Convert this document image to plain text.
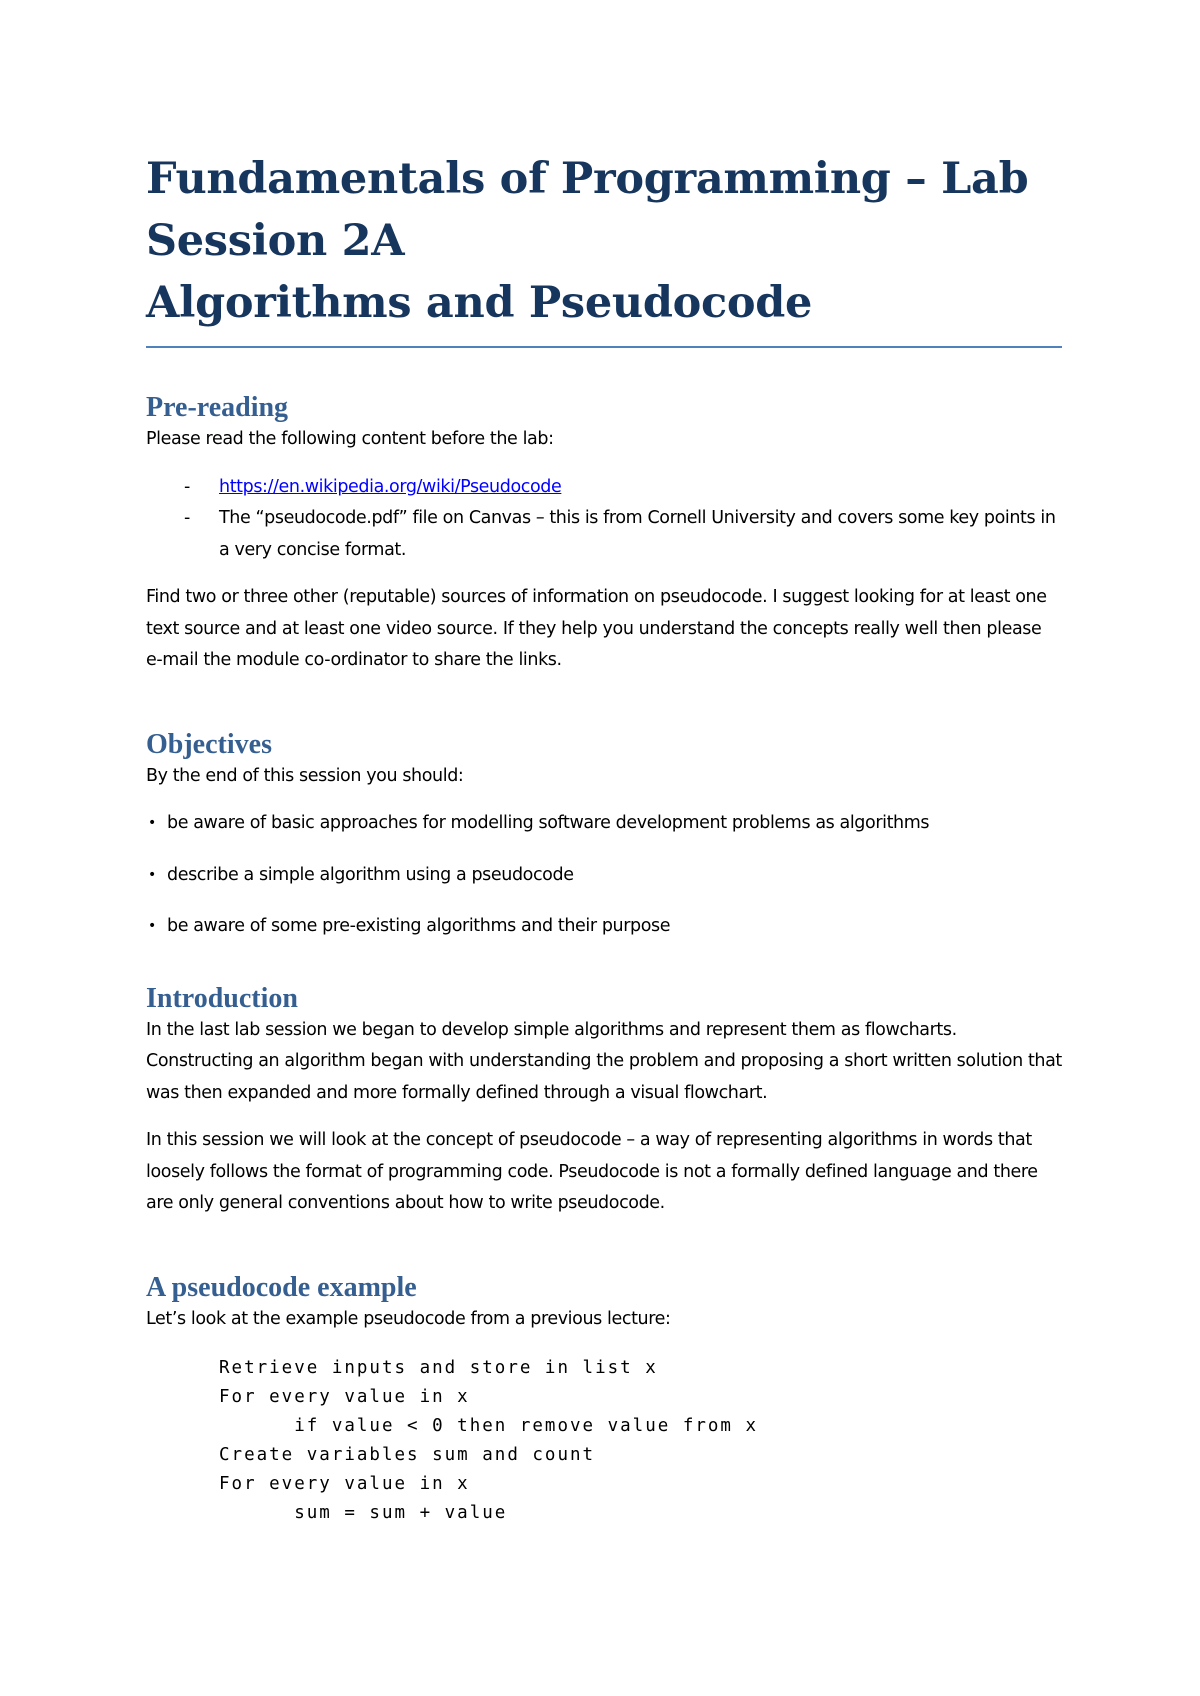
Fundamentals of Programming – Lab
Session 2A
Algorithms and Pseudocode
Pre-reading

Please read the following content before the lab:

- https://en.wikipedia.org/wiki/Pseudocode
- The “pseudocode.pdf” file on Canvas – this is from Cornell University and covers some key points in a very concise format.

Find two or three other (reputable) sources of information on pseudocode. I suggest looking for at least one text source and at least one video source. If they help you understand the concepts really well then please e-mail the module co-ordinator to share the links.

Objectives

By the end of this session you should:

• be aware of basic approaches for modelling software development problems as algorithms
• describe a simple algorithm using a pseudocode
• be aware of some pre-existing algorithms and their purpose
Introduction

In the last lab session we began to develop simple algorithms and represent them as flowcharts. Constructing an algorithm began with understanding the problem and proposing a short written solution that was then expanded and more formally defined through a visual flowchart.

In this session we will look at the concept of pseudocode – a way of representing algorithms in words that loosely follows the format of programming code. Pseudocode is not a formally defined language and there are only general conventions about how to write pseudocode.

A pseudocode example

Let’s look at the example pseudocode from a previous lecture:

Retrieve inputs and store in list x
For every value in x
if value < 0 then remove value from x
Create variables sum and count
For every value in x
sum = sum + value
